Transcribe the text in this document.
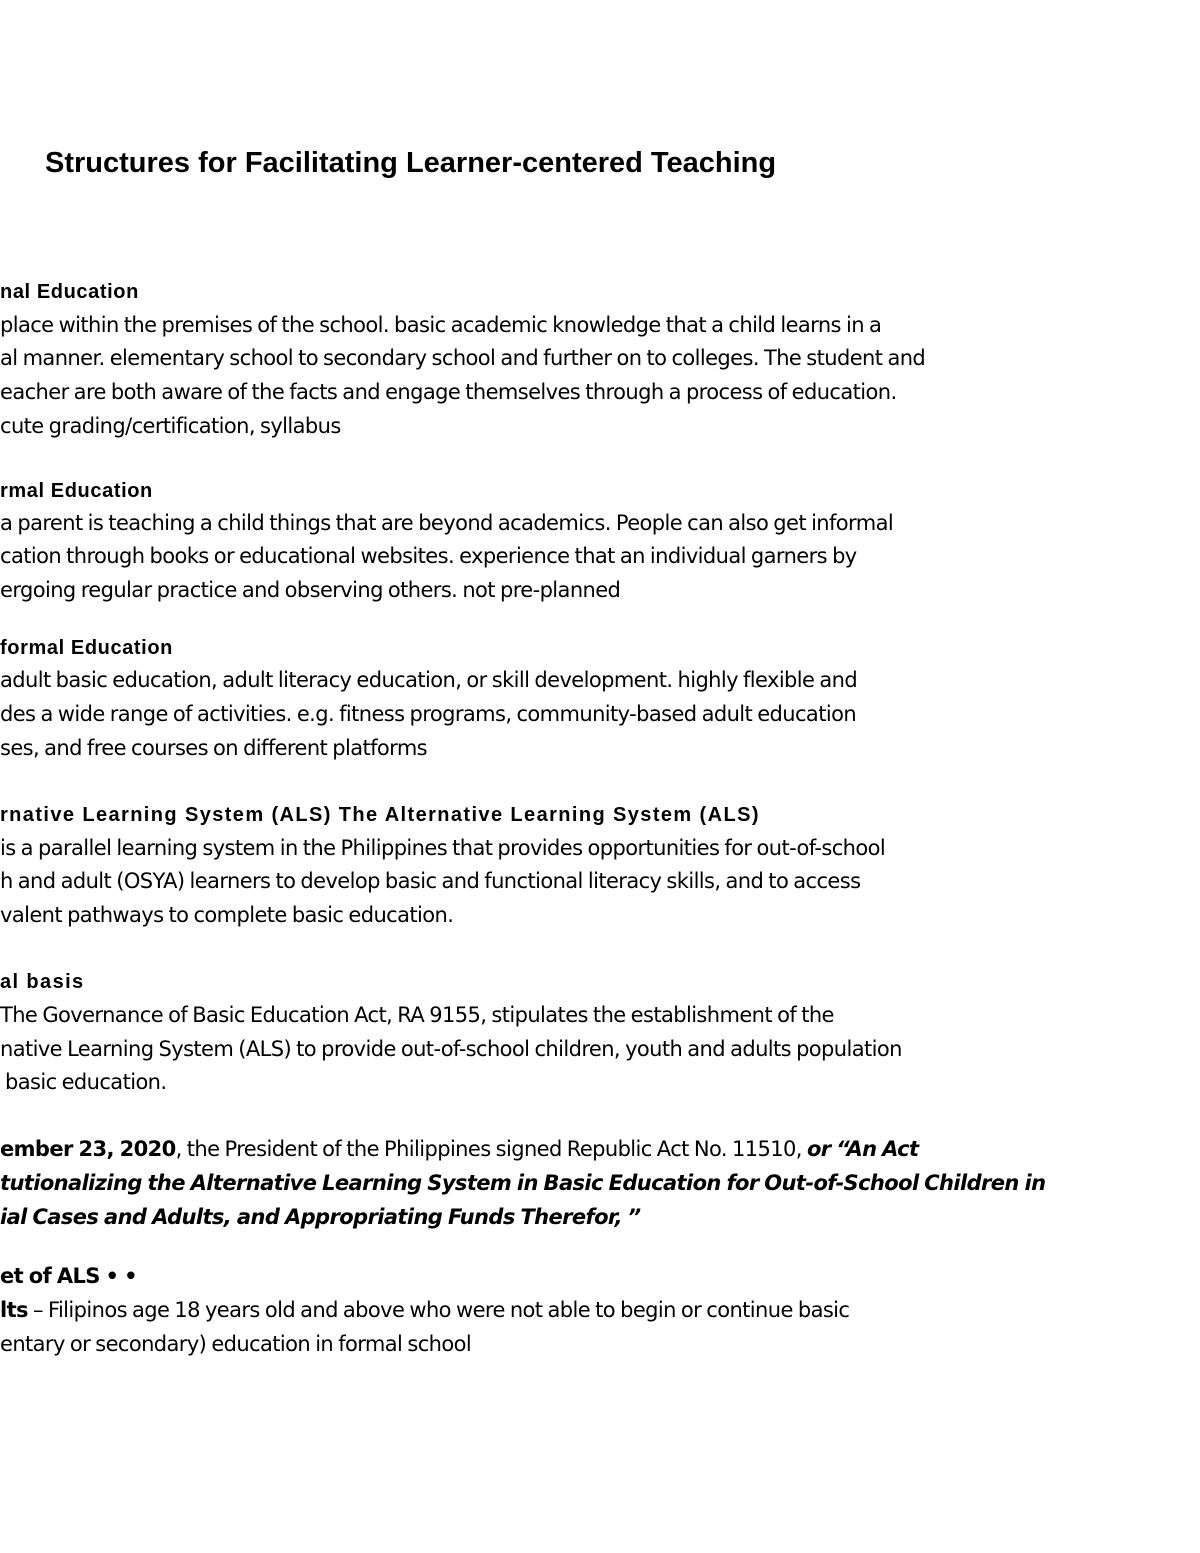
Structures for Facilitating Learner-centered Teaching
nal Education
place within the premises of the school. basic academic knowledge that a child learns in a
al manner. elementary school to secondary school and further on to colleges. The student and
eacher are both aware of the facts and engage themselves through a process of education.
cute grading/certification, syllabus
rmal Education
a parent is teaching a child things that are beyond academics. People can also get informal
cation through books or educational websites. experience that an individual garners by
ergoing regular practice and observing others. not pre-planned
formal Education
adult basic education, adult literacy education, or skill development. highly flexible and
des a wide range of activities. e.g. fitness programs, community-based adult education
ses, and free courses on different platforms
rnative Learning System (ALS) The Alternative Learning System (ALS)
is a parallel learning system in the Philippines that provides opportunities for out-of-school
h and adult (OSYA) learners to develop basic and functional literacy skills, and to access
valent pathways to complete basic education.
al basis
The Governance of Basic Education Act, RA 9155, stipulates the establishment of the
native Learning System (ALS) to provide out-of-school children, youth and adults population
basic education.
ember 23, 2020, the President of the Philippines signed Republic Act No. 11510, or “An Act
tutionalizing the Alternative Learning System in Basic Education for Out-of-School Children in
ial Cases and Adults, and Appropriating Funds Therefor, ”
et of ALS • •
lts – Filipinos age 18 years old and above who were not able to begin or continue basic
entary or secondary) education in formal school
